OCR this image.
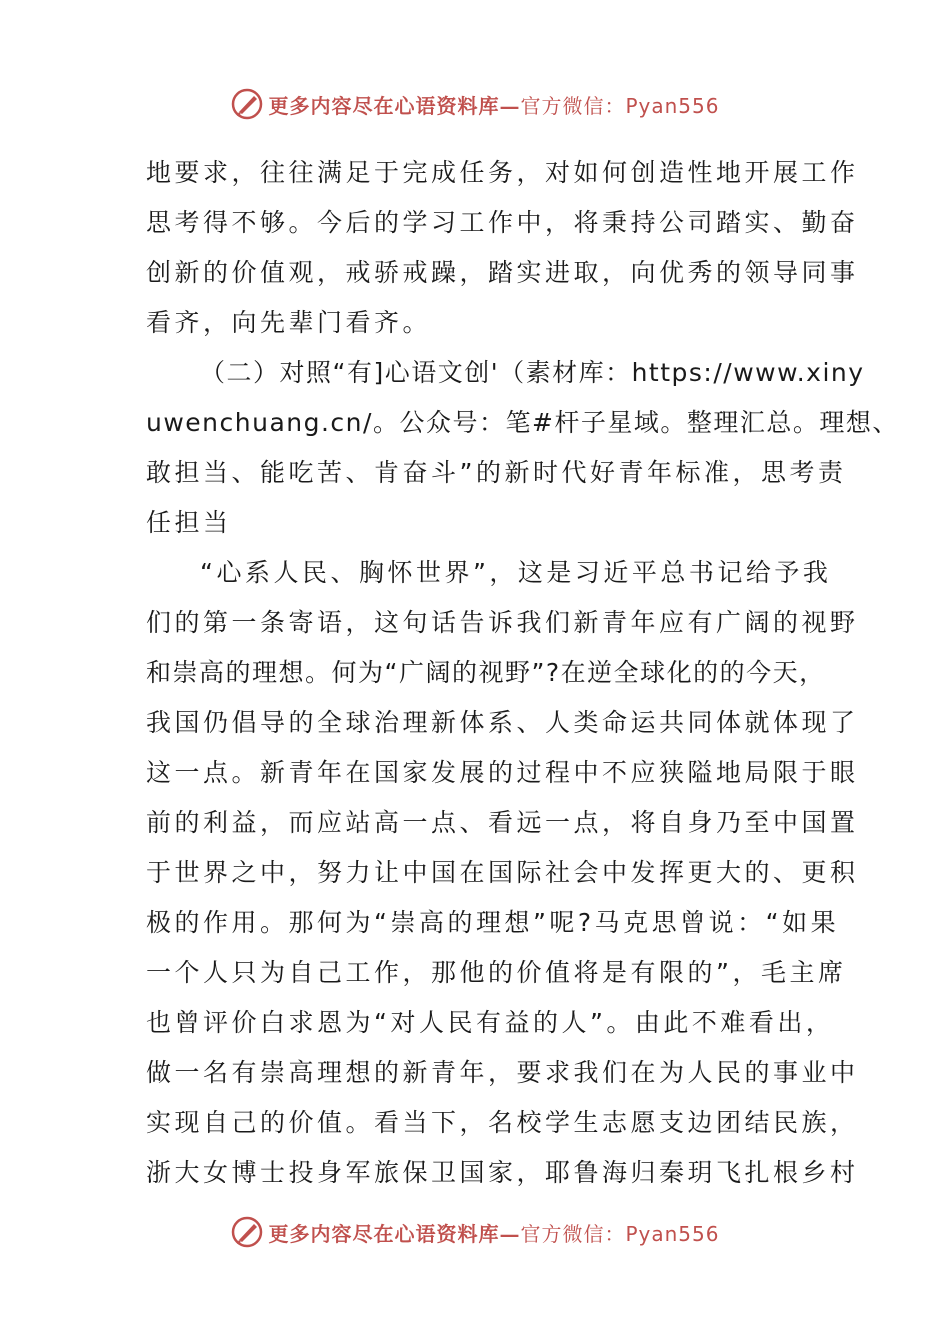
更多内容尽在心语资料库—官方微信：Pyan556
地要求，往往满足于完成任务，对如何创造性地开展工作
思考得不够。今后的学习工作中，将秉持公司踏实、勤奋
创新的价值观，戒骄戒躁，踏实进取，向优秀的领导同事
看齐，向先辈门看齐。
（二）对照“有]心语文创'（素材库：https://www.xiny
uwenchuang.cn/。公众号：笔#杆子星域。整理汇总。理想、
敢担当、能吃苦、肯奋斗”的新时代好青年标准，思考责
任担当
“心系人民、胸怀世界”，这是习近平总书记给予我
们的第一条寄语，这句话告诉我们新青年应有广阔的视野
和崇高的理想。何为“广阔的视野”?在逆全球化的的今天，
我国仍倡导的全球治理新体系、人类命运共同体就体现了
这一点。新青年在国家发展的过程中不应狭隘地局限于眼
前的利益，而应站高一点、看远一点，将自身乃至中国置
于世界之中，努力让中国在国际社会中发挥更大的、更积
极的作用。那何为“崇高的理想”呢?马克思曾说：“如果
一个人只为自己工作，那他的价值将是有限的”，毛主席
也曾评价白求恩为“对人民有益的人”。由此不难看出，
做一名有崇高理想的新青年，要求我们在为人民的事业中
实现自己的价值。看当下，名校学生志愿支边团结民族，
浙大女博士投身军旅保卫国家，耶鲁海归秦玥飞扎根乡村
更多内容尽在心语资料库—官方微信：Pyan556
